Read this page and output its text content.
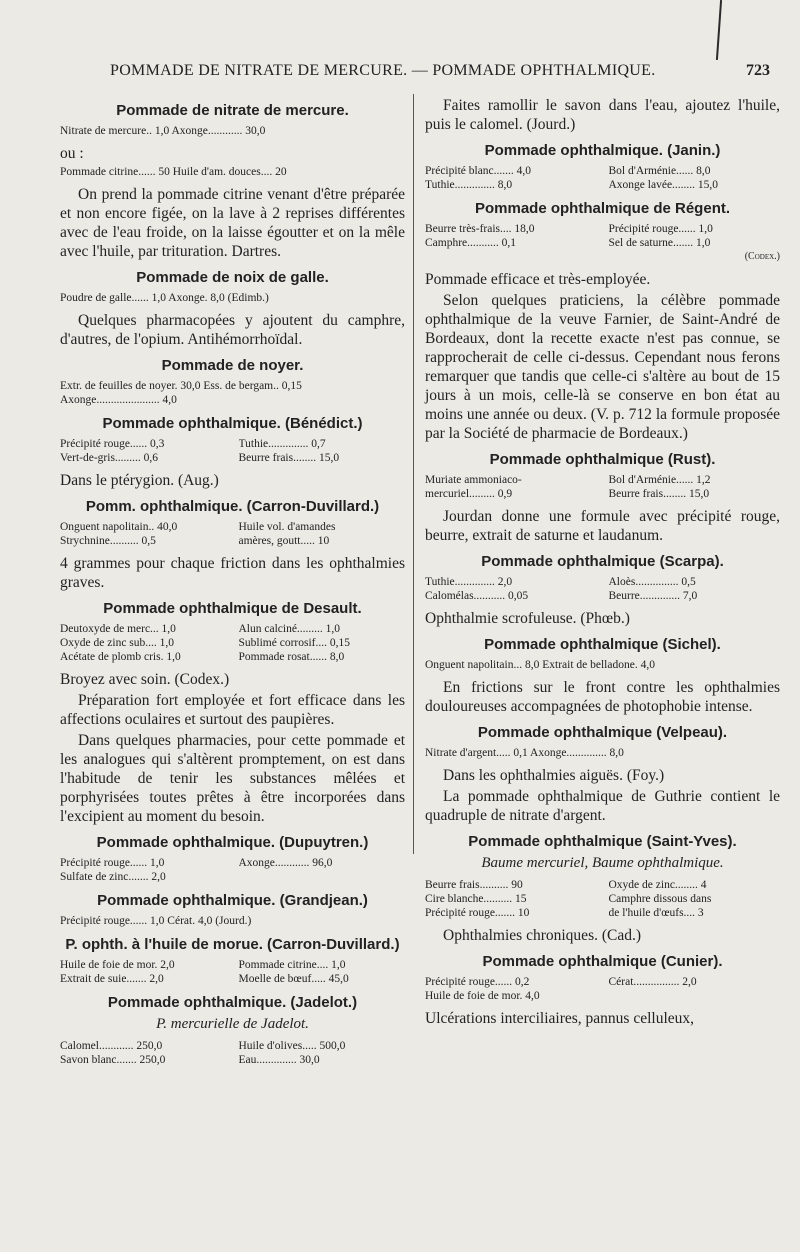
POMMADE DE NITRATE DE MERCURE. — POMMADE OPHTHALMIQUE.	723
Pommade de nitrate de mercure.
Nitrate de mercure.. 1,0 Axonge............ 30,0
ou :
Pommade citrine...... 50 Huile d'am. douces.... 20
On prend la pommade citrine venant d'être préparée et non encore figée, on la lave à 2 reprises différentes avec de l'eau froide, on la laisse égoutter et on la mêle avec l'huile, par trituration. Dartres.
Pommade de noix de galle.
Poudre de galle...... 1,0 Axonge. 8,0 (Edimb.)
Quelques pharmacopées y ajoutent du camphre, d'autres, de l'opium. Antihémorrhoïdal.
Pommade de noyer.
Extr. de feuilles de noyer. 30,0 Ess. de bergam.. 0,15
Axonge...................... 4,0
Pommade ophthalmique. (Bénédict.)
Précipité rouge...... 0,3	Tuthie.............. 0,7
Vert-de-gris......... 0,6	Beurre frais........ 15,0
Dans le ptérygion. (Aug.)
Pomm. ophthalmique. (Carron-Duvillard.)
Onguent napolitain.. 40,0	Huile vol. d'amandes
Strychnine.......... 0,5	amères, goutt..... 10
4 grammes pour chaque friction dans les ophthalmies graves.
Pommade ophthalmique de Desault.
Deutoxyde de merc... 1,0	Alun calciné......... 1,0
Oxyde de zinc sub.... 1,0	Sublimé corrosif.... 0,15
Acétate de plomb cris. 1,0	Pommade rosat...... 8,0
Broyez avec soin. (Codex.)
Préparation fort employée et fort efficace dans les affections oculaires et surtout des paupières.
Dans quelques pharmacies, pour cette pommade et les analogues qui s'altèrent promptement, on est dans l'habitude de tenir les substances mêlées et porphyrisées toutes prêtes à être incorporées dans l'excipient au moment du besoin.
Pommade ophthalmique. (Dupuytren.)
Précipité rouge...... 1,0	Axonge............ 96,0
Sulfate de zinc....... 2,0
Pommade ophthalmique. (Grandjean.)
Précipité rouge...... 1,0 Cérat. 4,0 (Jourd.)
P. ophth. à l'huile de morue. (Carron-Duvillard.)
Huile de foie de mor. 2,0	Pommade citrine.... 1,0
Extrait de suie....... 2,0	Moelle de bœuf..... 45,0
Pommade ophthalmique. (Jadelot.)
P. mercurielle de Jadelot.
Calomel............ 250,0	Huile d'olives..... 500,0
Savon blanc....... 250,0	Eau.............. 30,0
Faites ramollir le savon dans l'eau, ajoutez l'huile, puis le calomel. (Jourd.)
Pommade ophthalmique. (Janin.)
Précipité blanc....... 4,0	Bol d'Arménie...... 8,0
Tuthie.............. 8,0	Axonge lavée........ 15,0
Pommade ophthalmique de Régent.
Beurre très-frais.... 18,0	Précipité rouge...... 1,0
Camphre........... 0,1	Sel de saturne....... 1,0
(Codex.)
Pommade efficace et très-employée.
Selon quelques praticiens, la célèbre pommade ophthalmique de la veuve Farnier, de Saint-André de Bordeaux, dont la recette exacte n'est pas connue, se rapprocherait de celle ci-dessus. Cependant nous ferons remarquer que tandis que celle-ci s'altère au bout de 15 jours à un mois, celle-là se conserve en bon état au moins une année ou deux. (V. p. 712 la formule proposée par la Société de pharmacie de Bordeaux.)
Pommade ophthalmique (Rust).
Muriate ammoniaco-	Bol d'Arménie...... 1,2
mercuriel......... 0,9	Beurre frais........ 15,0
Jourdan donne une formule avec précipité rouge, beurre, extrait de saturne et laudanum.
Pommade ophthalmique (Scarpa).
Tuthie.............. 2,0	Aloès............... 0,5
Calomélas........... 0,05	Beurre.............. 7,0
Ophthalmie scrofuleuse. (Phœb.)
Pommade ophthalmique (Sichel).
Onguent napolitain... 8,0 Extrait de belladone. 4,0
En frictions sur le front contre les ophthalmies douloureuses accompagnées de photophobie intense.
Pommade ophthalmique (Velpeau).
Nitrate d'argent..... 0,1 Axonge.............. 8,0
Dans les ophthalmies aiguës. (Foy.)
La pommade ophthalmique de Guthrie contient le quadruple de nitrate d'argent.
Pommade ophthalmique (Saint-Yves).
Baume mercuriel, Baume ophthalmique.
Beurre frais.......... 90	Oxyde de zinc........ 4
Cire blanche.......... 15	Camphre dissous dans
Précipité rouge....... 10	de l'huile d'œufs.... 3
Ophthalmies chroniques. (Cad.)
Pommade ophthalmique (Cunier).
Précipité rouge...... 0,2	Cérat................ 2,0
Huile de foie de mor. 4,0
Ulcérations interciliaires, pannus celluleux,
